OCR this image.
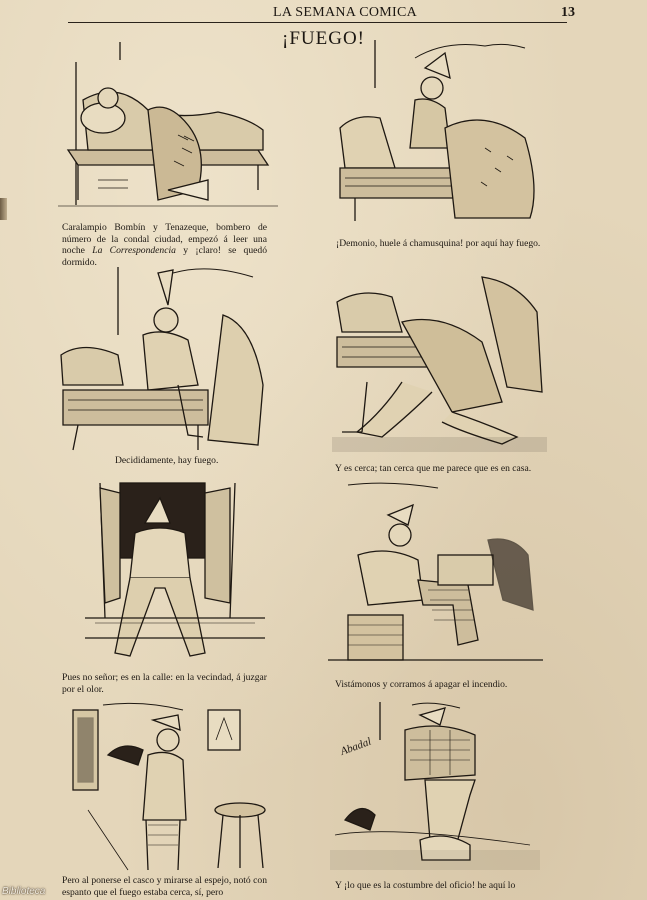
LA SEMANA COMICA	13
¡FUEGO!
Caralampio Bombín y Tenazeque, bombero de número de la condal ciudad, empezó á leer una noche La Correspondencia y ¡claro! se quedó dormido.
¡Demonio, huele á chamusquina! por aquí hay fuego.
Decididamente, hay fuego.
Y es cerca; tan cerca que me parece que es en casa.
Pues no señor; es en la calle: en la vecindad, á juzgar por el olor.	Vistámonos y corramos á apagar el incendio.
Pero al ponerse el casco y mirarse al espejo, notó con espanto que el fuego estaba cerca, sí, pero
Abadal
Y ¡lo que es la costumbre del oficio! he aquí lo
Biblioteca
